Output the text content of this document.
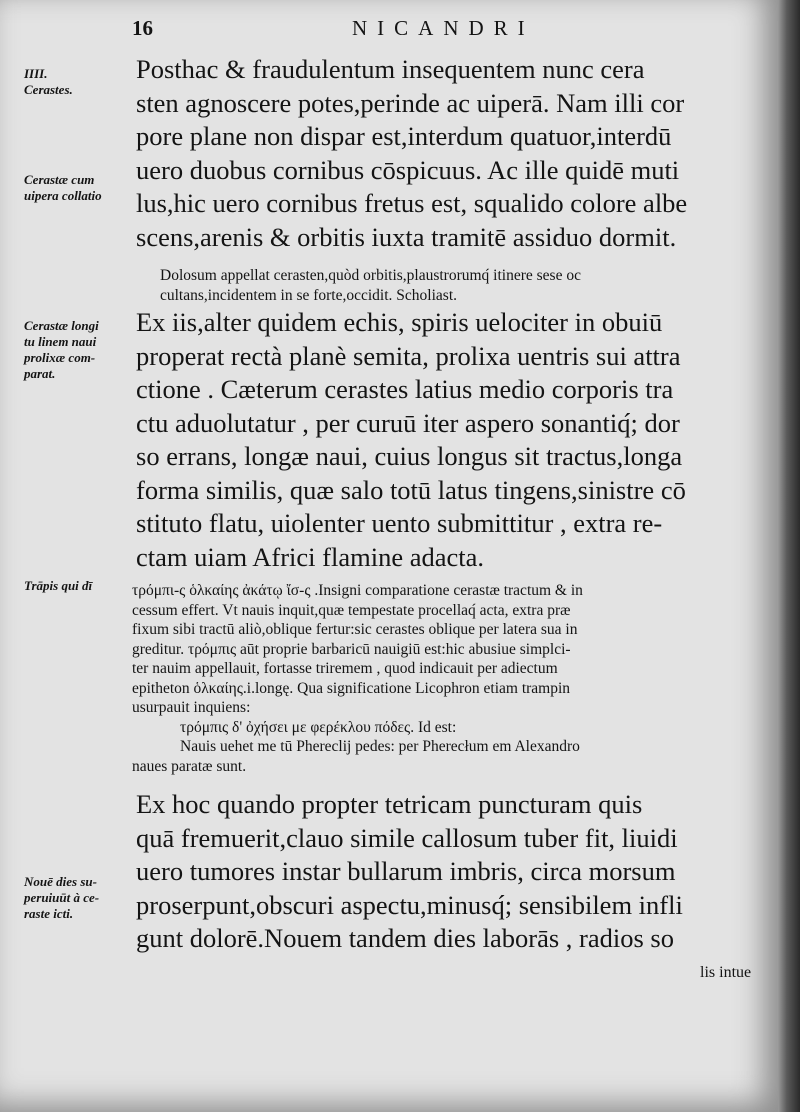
16	NICANDRI
IIII.
Cerastes.
Cerastæ cum
uipera collatio
Cerastæ longi
tu linem naui
prolixæ com-
parat.
Trāpis qui dī
Nouē dies su-
peruiuūt à ce-
raste icti.
Posthac & fraudulentum insequentem nunc cera
sten agnoscere potes,perinde ac uiperā. Nam illi cor
pore plane non dispar est,interdum quatuor,interdū
uero duobus cornibus cōspicuus. Ac ille quidē muti
lus,hic uero cornibus fretus est, squalido colore albe
scens,arenis & orbitis iuxta tramitē assiduo dormit.
Dolosum appellat cerasten,quòd orbitis,plaustrorumq́ itinere sese oc
cultans,incidentem in se forte,occidit. Scholiast.
Ex iis,alter quidem echis, spiris uelociter in obuiū
properat rectà planè semita, prolixa uentris sui attra
ctione . Cæterum cerastes latius medio corporis tra
ctu aduolutatur , per curuū iter aspero sonantiq́; dor
so errans, longæ naui, cuius longus sit tractus,longa
forma similis, quæ salo totū latus tingens,sinistre cō
stituto flatu, uiolenter uento submittitur , extra re-
ctam uiam Africi flamine adacta.
τρόμπι-ς ὁλκαίης ἀκάτῳ ἴσ-ς .Insigni comparatione cerastæ tractum & in
cessum effert. Vt nauis inquit,quæ tempestate procellaq́ acta, extra præ
fixum sibi tractū aliò,oblique fertur:sic cerastes oblique per latera sua in
greditur. τρόμπις aūt proprie barbaricū nauigiū est:hic abusiue simplci-
ter nauim appellauit, fortasse triremem , quod indicauit per adiectum
epitheton ὁλκαίης.i.longę. Qua significatione Licophron etiam trampin
usurpauit inquiens:
τρόμπις δ' ὀχήσει με φερέκλου πόδες. Id est:
Nauis uehet me tū Phereclij pedes: per Pherecłum em Alexandro
naues paratæ sunt.
Ex hoc quando propter tetricam puncturam quis
quā fremuerit,clauo simile callosum tuber fit, liuidi
uero tumores instar bullarum imbris, circa morsum
proserpunt,obscuri aspectu,minusq́; sensibilem infli
gunt dolorē.Nouem tandem dies laborās , radios so
lis intue
